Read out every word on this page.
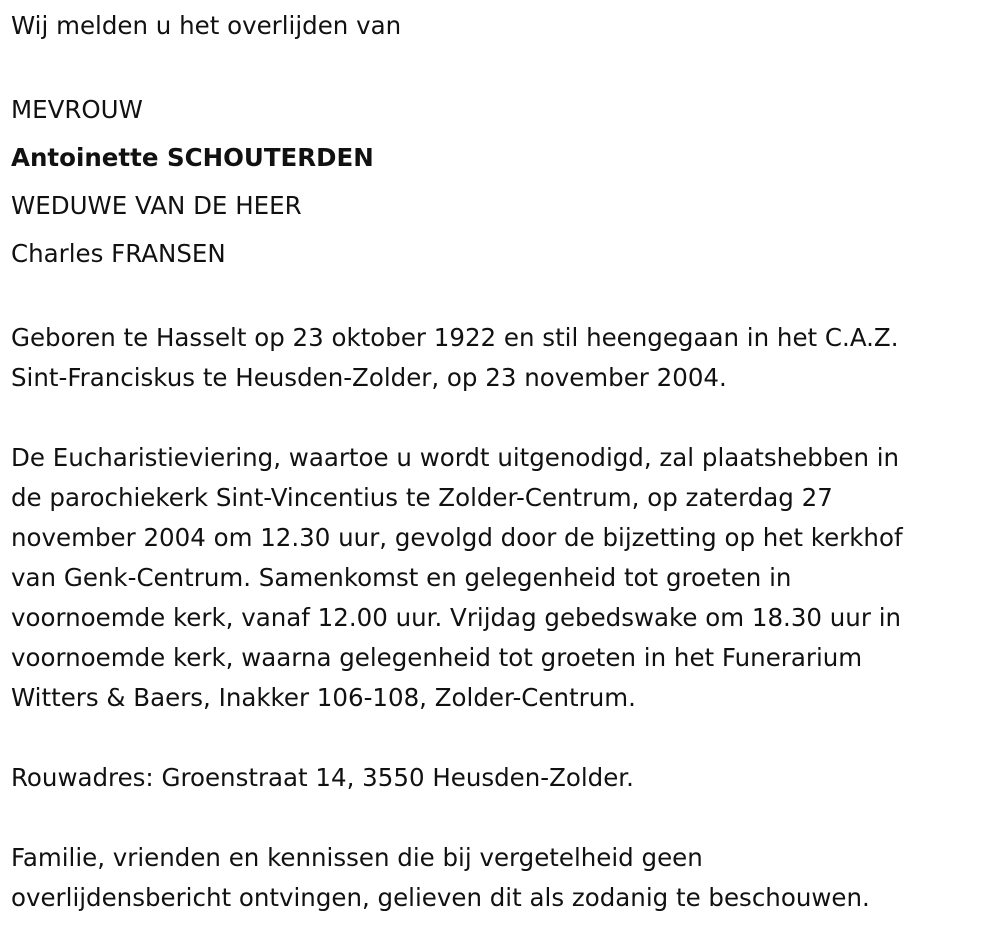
Wij melden u het overlijden van

MEVROUW

Antoinette SCHOUTERDEN

WEDUWE VAN DE HEER

Charles FRANSEN

Geboren te Hasselt op 23 oktober 1922 en stil heengegaan in het C.A.Z.
Sint-Franciskus te Heusden-Zolder, op 23 november 2004.
De Eucharistieviering, waartoe u wordt uitgenodigd, zal plaatshebben in
de parochiekerk Sint-Vincentius te Zolder-Centrum, op zaterdag 27
november 2004 om 12.30 uur, gevolgd door de bijzetting op het kerkhof
van Genk-Centrum. Samenkomst en gelegenheid tot groeten in
voornoemde kerk, vanaf 12.00 uur. Vrijdag gebedswake om 18.30 uur in
voornoemde kerk, waarna gelegenheid tot groeten in het Funerarium
Witters & Baers, Inakker 106-108, Zolder-Centrum.

Rouwadres: Groenstraat 14, 3550 Heusden-Zolder.

Familie, vrienden en kennissen die bij vergetelheid geen
overlijdensbericht ontvingen, gelieven dit als zodanig te beschouwen.
